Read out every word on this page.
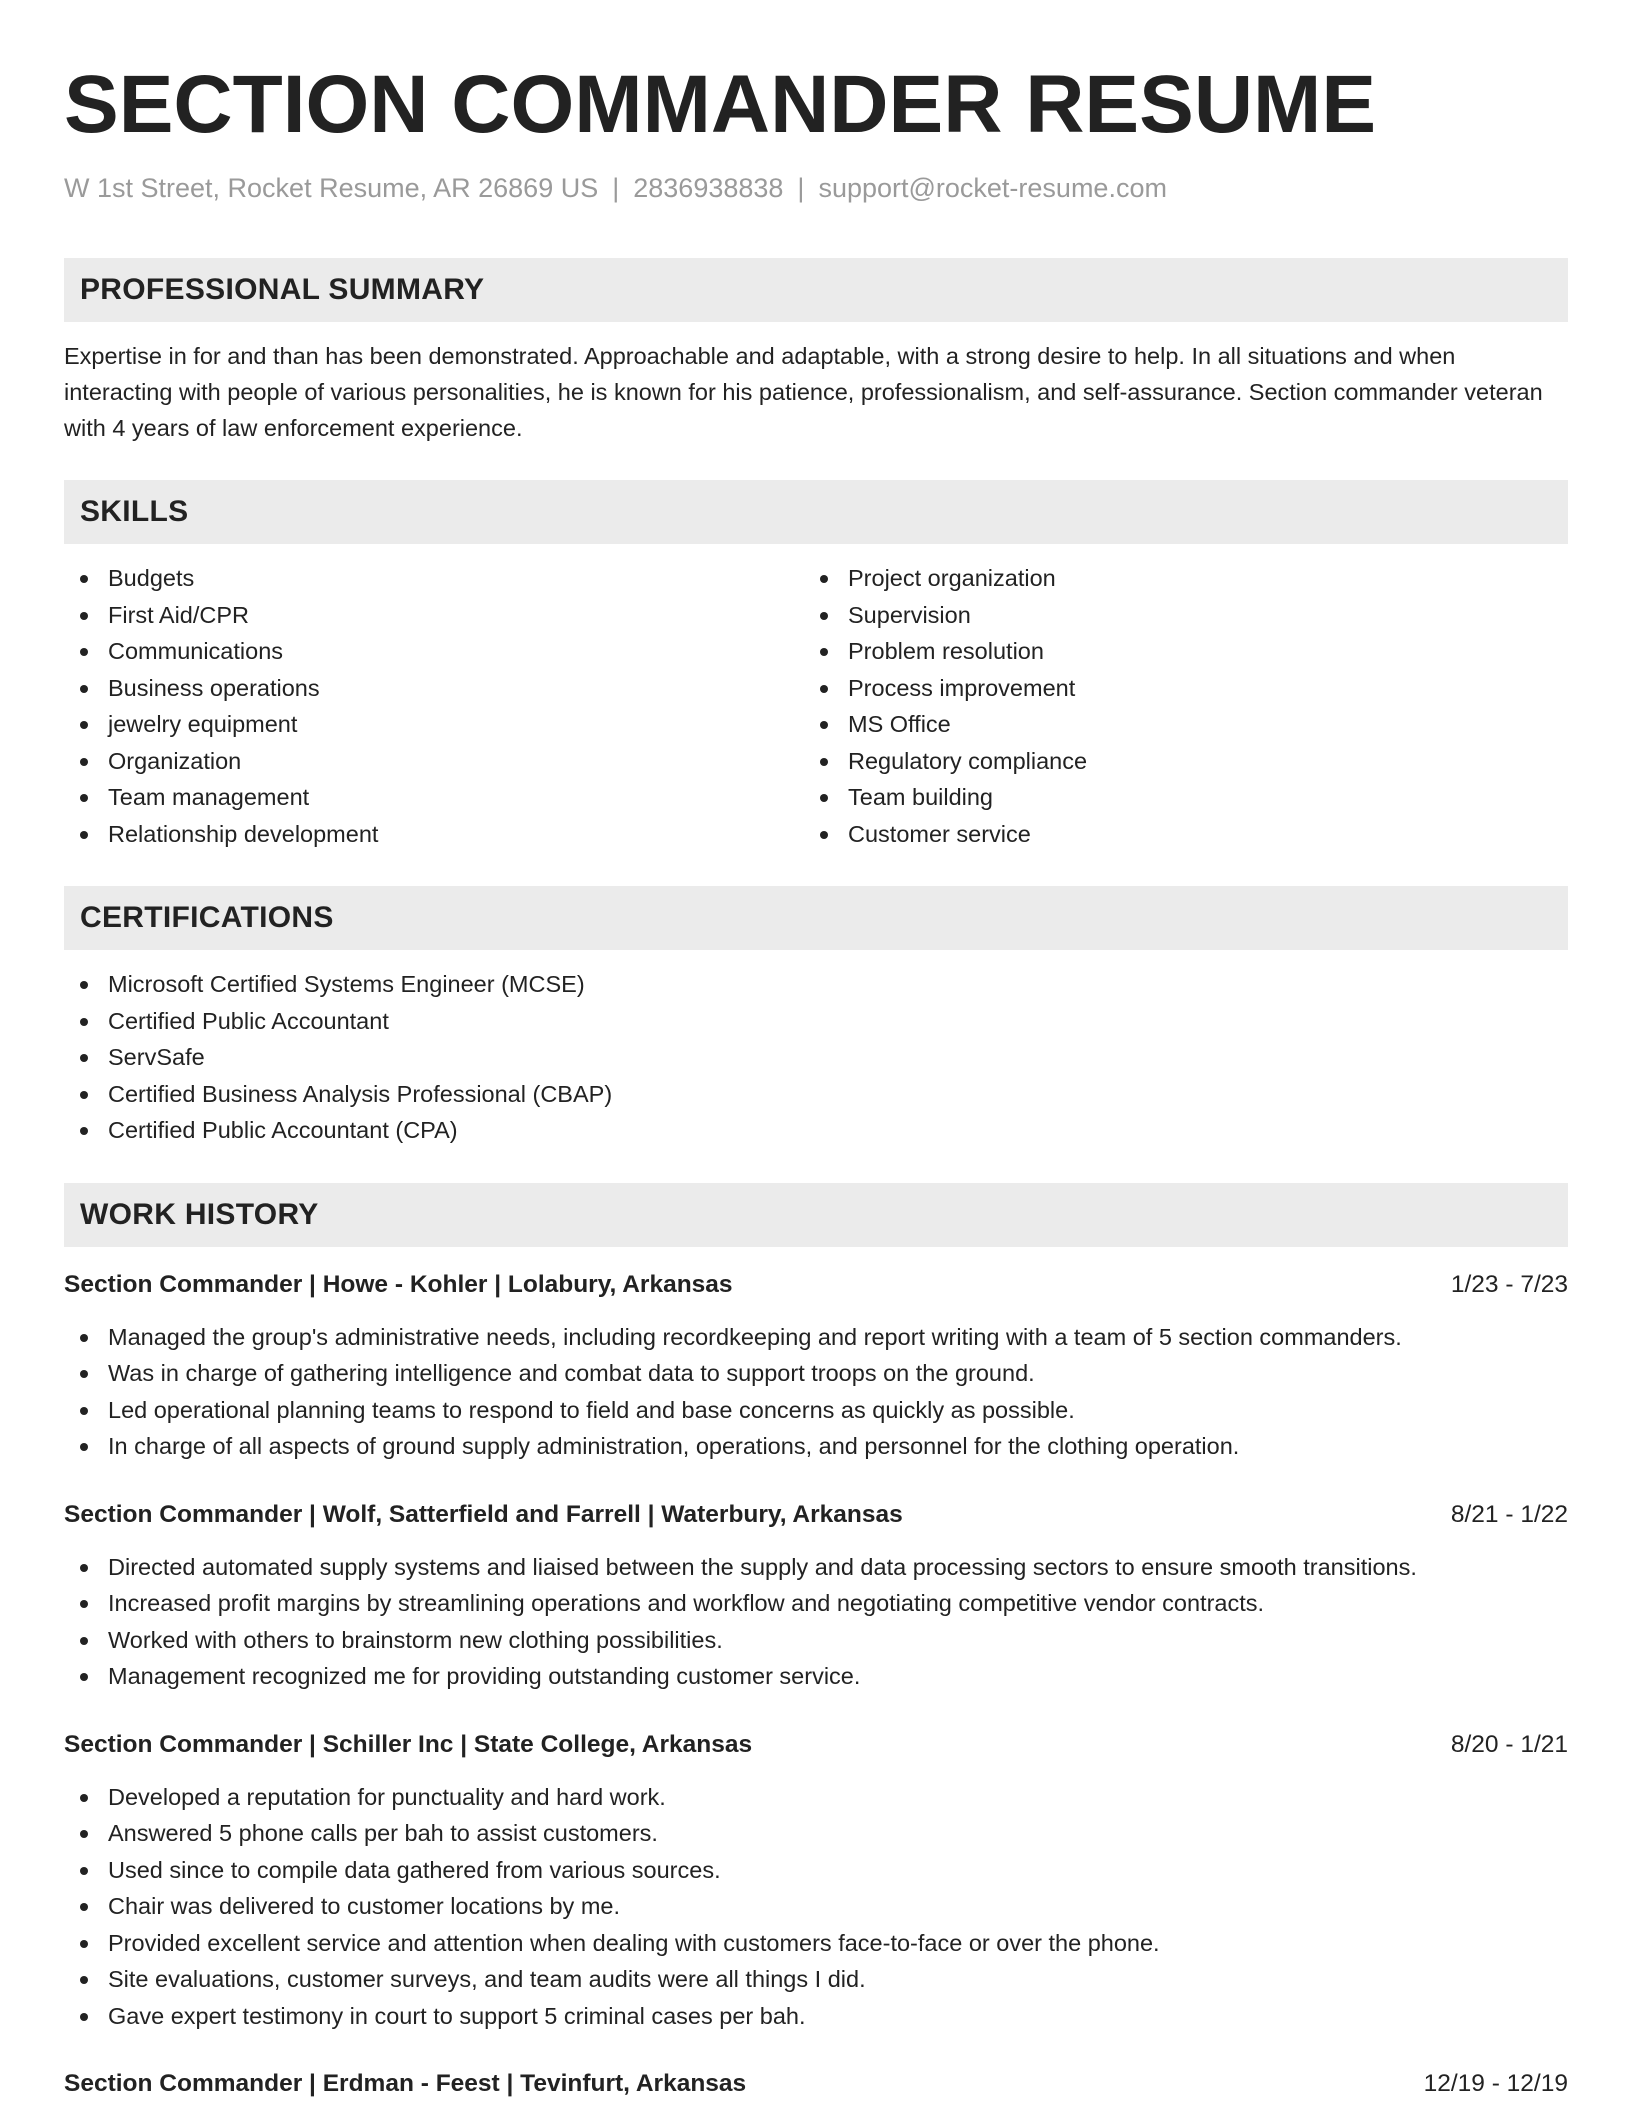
SECTION COMMANDER RESUME
W 1st Street, Rocket Resume, AR 26869 US | 2836938838 | support@rocket-resume.com
PROFESSIONAL SUMMARY

Expertise in for and than has been demonstrated. Approachable and adaptable, with a strong desire to help. In all situations and when interacting with people of various personalities, he is known for his patience, professionalism, and self-assurance. Section commander veteran with 4 years of law enforcement experience.

SKILLS
Budgets
First Aid/CPR
Communications
Business operations
jewelry equipment
Organization
Team management
Relationship development
Project organization
Supervision
Problem resolution
Process improvement
MS Office
Regulatory compliance
Team building
Customer service
CERTIFICATIONS
Microsoft Certified Systems Engineer (MCSE)
Certified Public Accountant
ServSafe
Certified Business Analysis Professional (CBAP)
Certified Public Accountant (CPA)
WORK HISTORY
Section Commander | Howe - Kohler | Lolabury, Arkansas	1/23 - 7/23
Managed the group's administrative needs, including recordkeeping and report writing with a team of 5 section commanders.
Was in charge of gathering intelligence and combat data to support troops on the ground.
Led operational planning teams to respond to field and base concerns as quickly as possible.
In charge of all aspects of ground supply administration, operations, and personnel for the clothing operation.
Section Commander | Wolf, Satterfield and Farrell | Waterbury, Arkansas	8/21 - 1/22
Directed automated supply systems and liaised between the supply and data processing sectors to ensure smooth transitions.
Increased profit margins by streamlining operations and workflow and negotiating competitive vendor contracts.
Worked with others to brainstorm new clothing possibilities.
Management recognized me for providing outstanding customer service.
Section Commander | Schiller Inc | State College, Arkansas	8/20 - 1/21
Developed a reputation for punctuality and hard work.
Answered 5 phone calls per bah to assist customers.
Used since to compile data gathered from various sources.
Chair was delivered to customer locations by me.
Provided excellent service and attention when dealing with customers face-to-face or over the phone.
Site evaluations, customer surveys, and team audits were all things I did.
Gave expert testimony in court to support 5 criminal cases per bah.
Section Commander | Erdman - Feest | Tevinfurt, Arkansas	12/19 - 12/19
